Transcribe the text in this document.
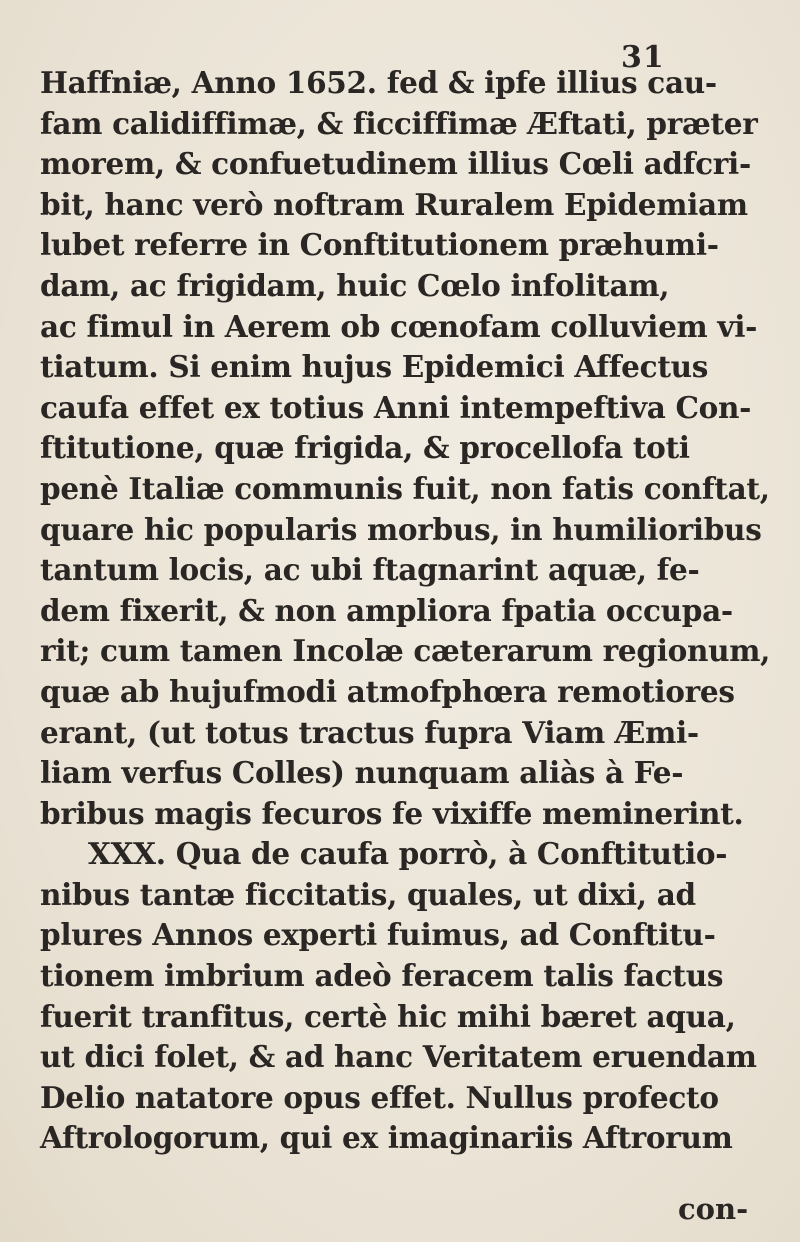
31
Haffniæ, Anno 1652. fed & ipfe illius cau-
fam calidiffimæ, & ficciffimæ Æftati, præter
morem, & confuetudinem illius Cœli adfcri-
bit, hanc verò noftram Ruralem Epidemiam
lubet referre in Conftitutionem præhumi-
dam, ac frigidam, huic Cœlo infolitam,
ac fimul in Aerem ob cœnofam colluviem vi-
tiatum. Si enim hujus Epidemici Affectus
caufa effet ex totius Anni intempeftiva Con-
ftitutione, quæ frigida, & procellofa toti
penè Italiæ communis fuit, non fatis conftat,
quare hic popularis morbus, in humilioribus
tantum locis, ac ubi ftagnarint aquæ, fe-
dem fixerit, & non ampliora fpatia occupa-
rit; cum tamen Incolæ cæterarum regionum,
quæ ab hujufmodi atmofphœra remotiores
erant, (ut totus tractus fupra Viam Æmi-
liam verfus Colles) nunquam aliàs à Fe-
bribus magis fecuros fe vixiffe meminerint.
XXX. Qua de caufa porrò, à Conftitutio-
nibus tantæ ficcitatis, quales, ut dixi, ad
plures Annos experti fuimus, ad Conftitu-
tionem imbrium adeò feracem talis factus
fuerit tranfitus, certè hic mihi bæret aqua,
ut dici folet, & ad hanc Veritatem eruendam
Delio natatore opus effet. Nullus profecto
Aftrologorum, qui ex imaginariis Aftrorum
con-
